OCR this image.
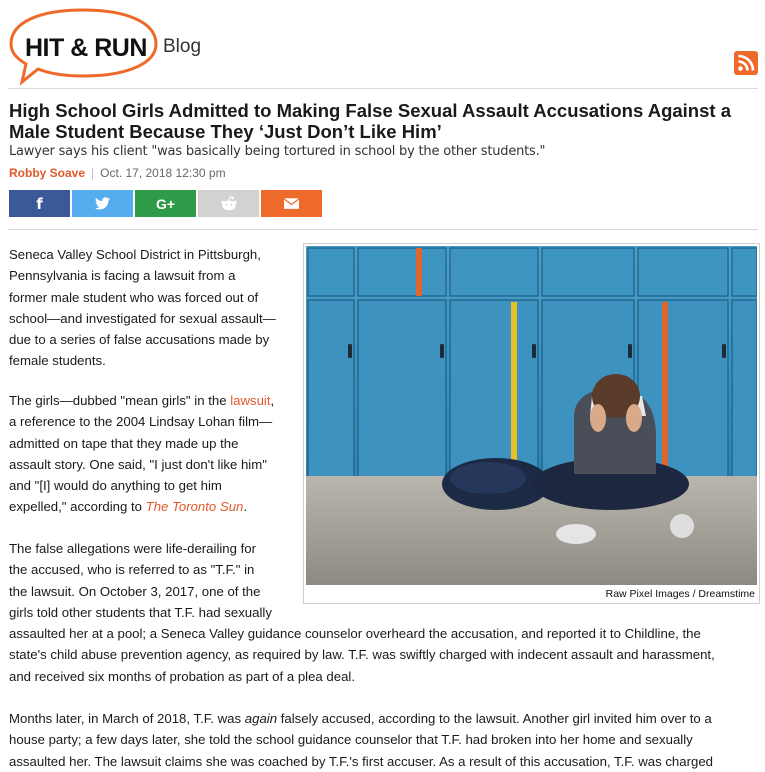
HIT & RUN Blog
High School Girls Admitted to Making False Sexual Assault Accusations Against a Male Student Because They ‘Just Don’t Like Him’
Lawyer says his client "was basically being tortured in school by the other students."
Robby Soave | Oct. 17, 2018 12:30 pm
f	G+
Raw Pixel Images / Dreamstime
Seneca Valley School District in Pittsburgh,
Pennsylvania is facing a lawsuit from a
former male student who was forced out of
school—and investigated for sexual assault—
due to a series of false accusations made by
female students.
The girls—dubbed "mean girls" in the lawsuit,
a reference to the 2004 Lindsay Lohan film—
admitted on tape that they made up the
assault story. One said, "I just don't like him"
and "[I] would do anything to get him
expelled," according to The Toronto Sun.
The false allegations were life-derailing for
the accused, who is referred to as "T.F." in
the lawsuit. On October 3, 2017, one of the
girls told other students that T.F. had sexually
assaulted her at a pool; a Seneca Valley guidance counselor overheard the accusation, and reported it to Childline, the
state's child abuse prevention agency, as required by law. T.F. was swiftly charged with indecent assault and harassment,
and received six months of probation as part of a plea deal.
Months later, in March of 2018, T.F. was again falsely accused, according to the lawsuit. Another girl invited him over to a
house party; a few days later, she told the school guidance counselor that T.F. had broken into her home and sexually
assaulted her. The lawsuit claims she was coached by T.F.'s first accuser. As a result of this accusation, T.F. was charged
